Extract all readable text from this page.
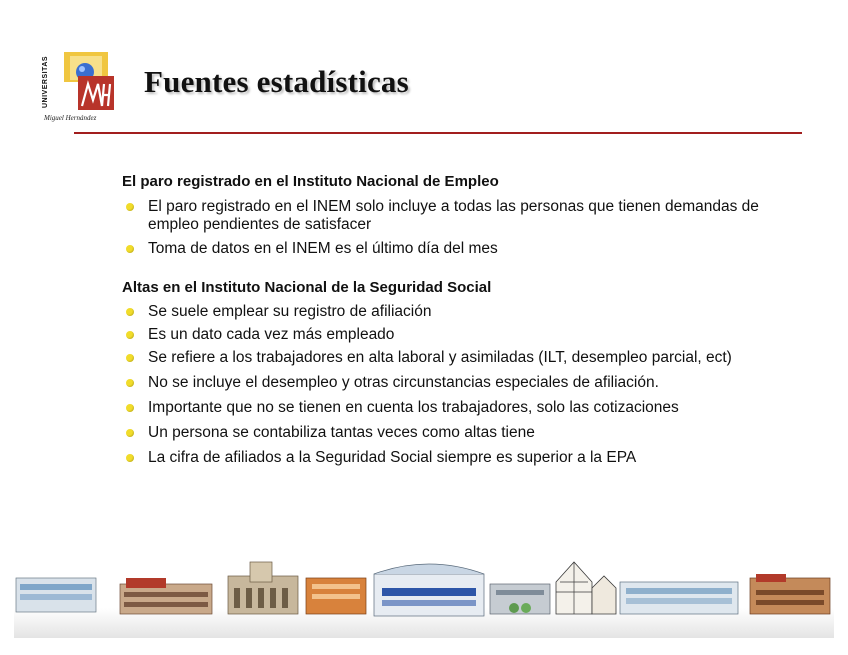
UNIVERSITAS
Miguel Hernández
Fuentes estadísticas

El paro registrado en el Instituto Nacional de Empleo

El paro registrado en el INEM solo incluye a todas las personas que tienen demandas de empleo pendientes de satisfacer
Toma de datos en el INEM es el último día del mes

Altas en el Instituto Nacional de la Seguridad Social

Se suele emplear su registro de afiliación
Es un dato cada vez más empleado
Se refiere a los trabajadores en alta laboral y asimiladas (ILT, desempleo parcial, ect)
No se incluye el desempleo y otras circunstancias especiales de afiliación.
Importante que no se tienen en cuenta los trabajadores, solo las cotizaciones
Un persona se contabiliza tantas veces como altas tiene
La cifra de afiliados a la Seguridad Social siempre es superior a la EPA
